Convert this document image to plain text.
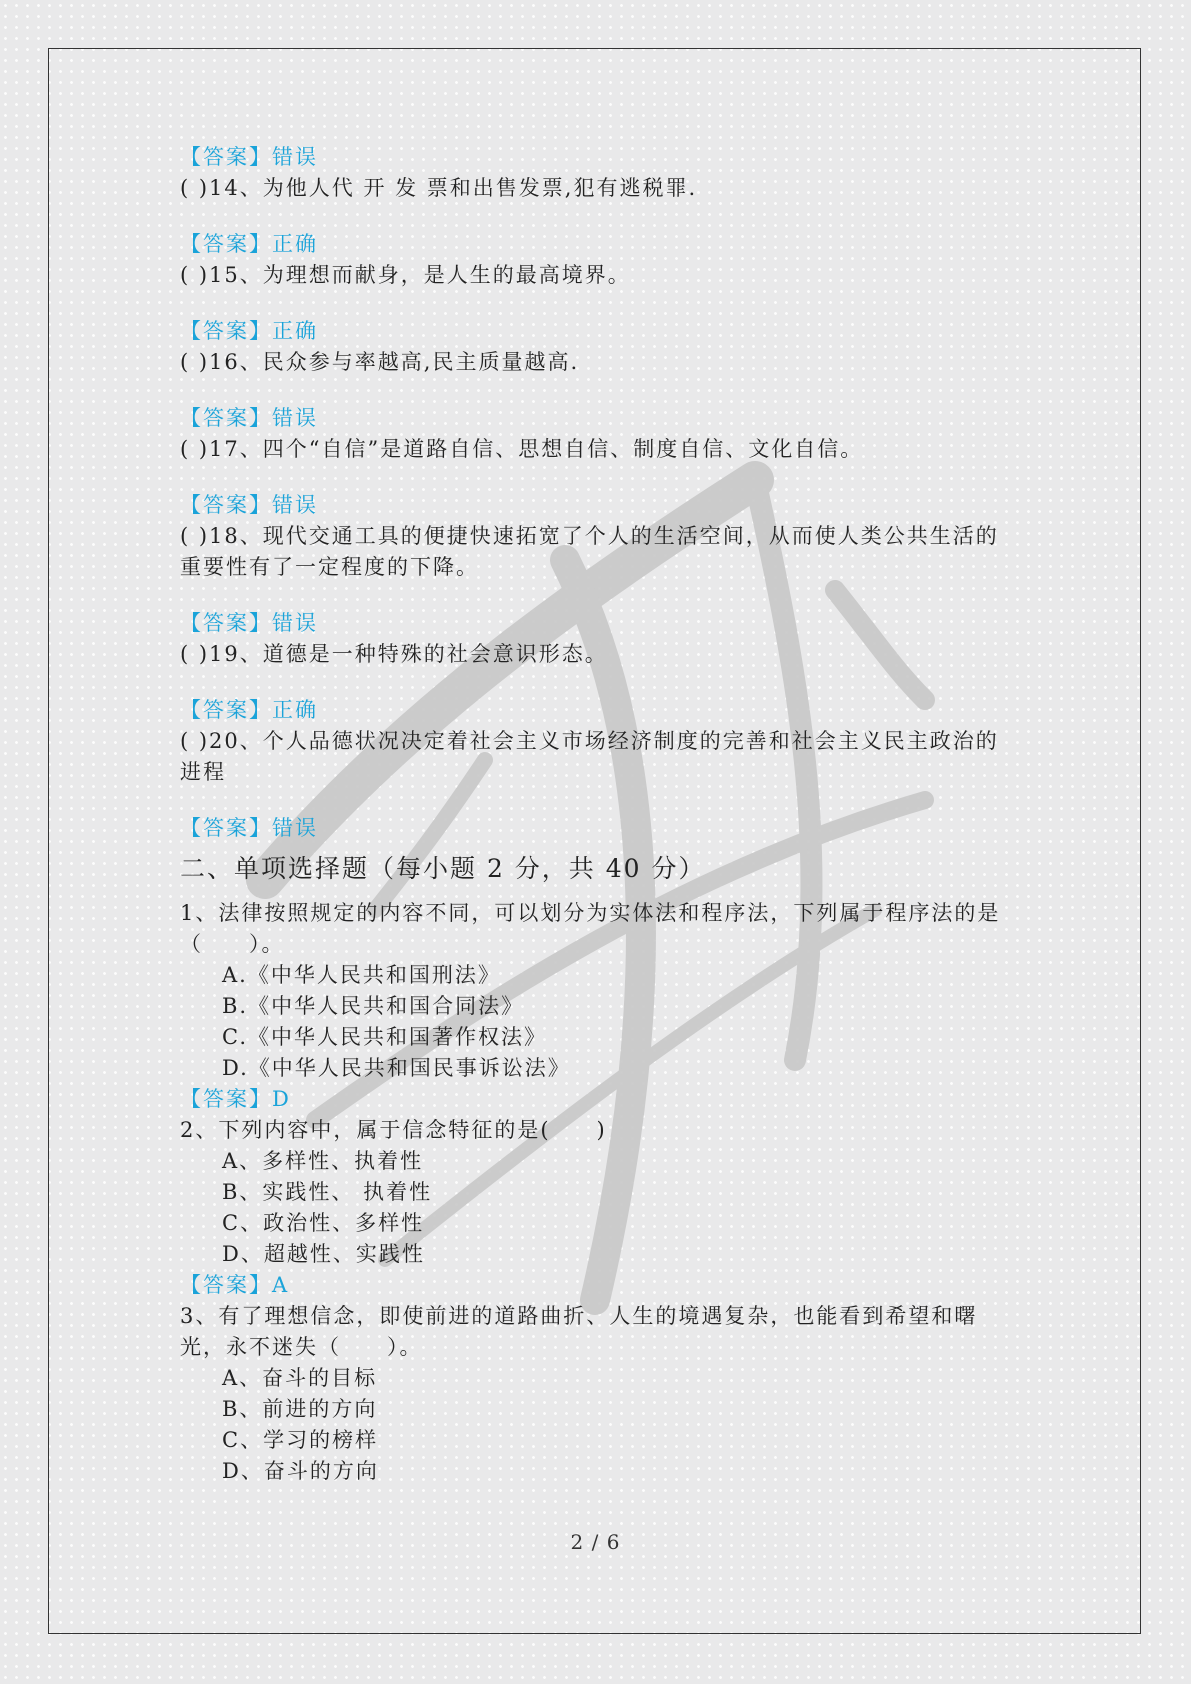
【答案】错误
( )14、为他人代 开 发 票和出售发票,犯有逃税罪.
【答案】正确
( )15、为理想而献身，是人生的最高境界。
【答案】正确
( )16、民众参与率越高,民主质量越高.
【答案】错误
( )17、四个“自信”是道路自信、思想自信、制度自信、文化自信。
【答案】错误
( )18、现代交通工具的便捷快速拓宽了个人的生活空间，从而使人类公共生活的重要性有了一定程度的下降。
【答案】错误
( )19、道德是一种特殊的社会意识形态。
【答案】正确
( )20、个人品德状况决定着社会主义市场经济制度的完善和社会主义民主政治的进程
【答案】错误
二、单项选择题（每小题 2 分，共 40 分）
1、法律按照规定的内容不同，可以划分为实体法和程序法，下列属于程序法的是（　　）。
A.《中华人民共和国刑法》
B.《中华人民共和国合同法》
C.《中华人民共和国著作权法》
D.《中华人民共和国民事诉讼法》
【答案】D
2、下列内容中，属于信念特征的是(　　)
A、多样性、执着性
B、实践性、 执着性
C、政治性、多样性
D、超越性、实践性
【答案】A
3、有了理想信念，即使前进的道路曲折、人生的境遇复杂，也能看到希望和曙光，永不迷失（　　）。
A、奋斗的目标
B、前进的方向
C、学习的榜样
D、奋斗的方向
2 / 6
